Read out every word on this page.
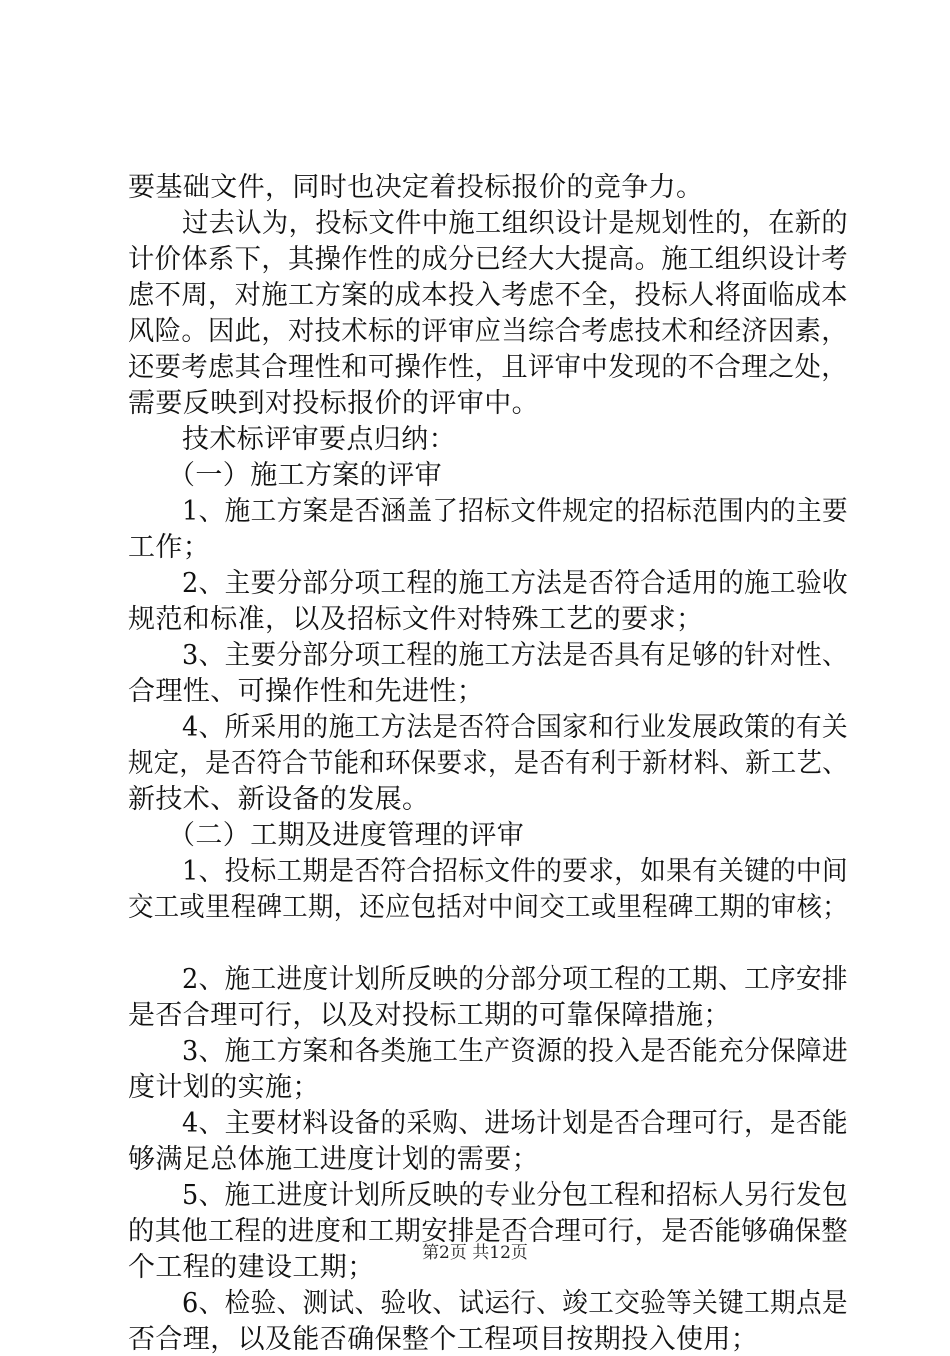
要基础文件，同时也决定着投标报价的竞争力。
过去认为，投标文件中施工组织设计是规划性的，在新的
计价体系下，其操作性的成分已经大大提高。施工组织设计考
虑不周，对施工方案的成本投入考虑不全，投标人将面临成本
风险。因此，对技术标的评审应当综合考虑技术和经济因素，
还要考虑其合理性和可操作性，且评审中发现的不合理之处，
需要反映到对投标报价的评审中。
技术标评审要点归纳：
（一）施工方案的评审
1、施工方案是否涵盖了招标文件规定的招标范围内的主要
工作；
2、主要分部分项工程的施工方法是否符合适用的施工验收
规范和标准，以及招标文件对特殊工艺的要求；
3、主要分部分项工程的施工方法是否具有足够的针对性、
合理性、可操作性和先进性；
4、所采用的施工方法是否符合国家和行业发展政策的有关
规定，是否符合节能和环保要求，是否有利于新材料、新工艺、
新技术、新设备的发展。
（二）工期及进度管理的评审
1、投标工期是否符合招标文件的要求，如果有关键的中间
交工或里程碑工期，还应包括对中间交工或里程碑工期的审核；
2、施工进度计划所反映的分部分项工程的工期、工序安排
是否合理可行，以及对投标工期的可靠保障措施；
3、施工方案和各类施工生产资源的投入是否能充分保障进
度计划的实施；
4、主要材料设备的采购、进场计划是否合理可行，是否能
够满足总体施工进度计划的需要；
5、施工进度计划所反映的专业分包工程和招标人另行发包
的其他工程的进度和工期安排是否合理可行，是否能够确保整
个工程的建设工期；
6、检验、测试、验收、试运行、竣工交验等关键工期点是
否合理，以及能否确保整个工程项目按期投入使用；
第2页 共12页
